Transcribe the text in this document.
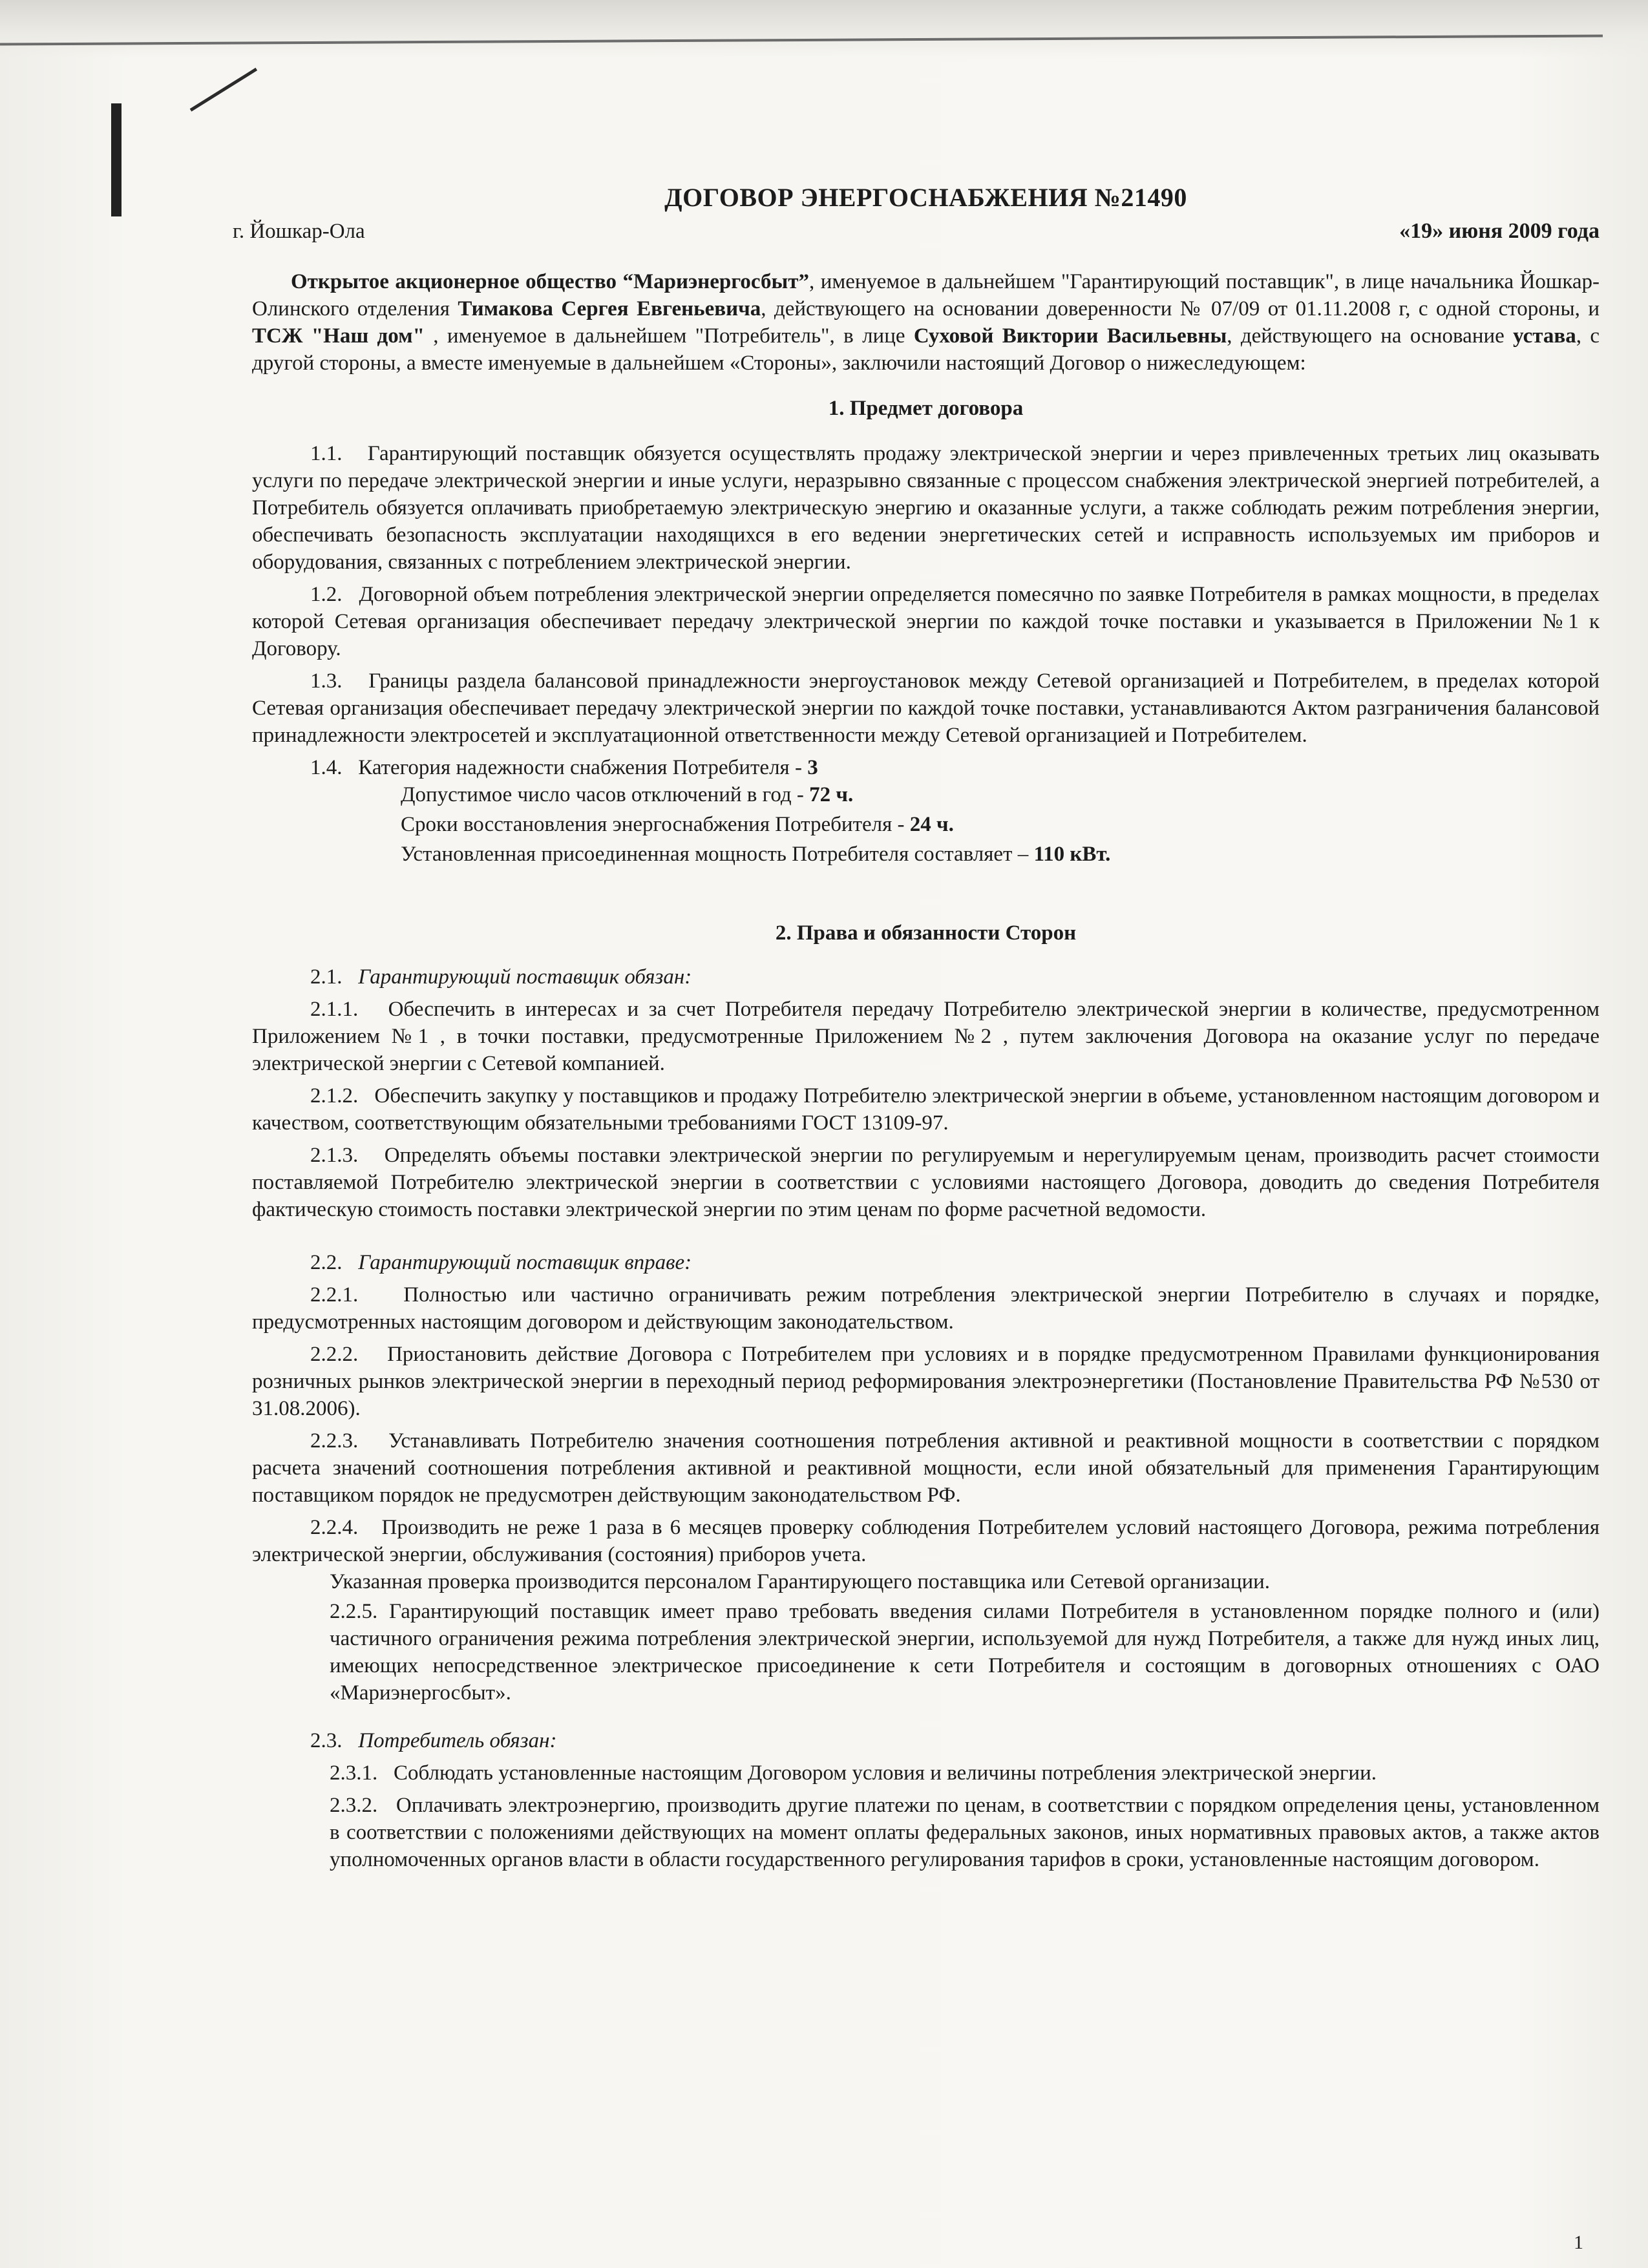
ДОГОВОР ЭНЕРГОСНАБЖЕНИЯ №21490
г. Йошкар-Ола	«19» июня 2009 года

Открытое акционерное общество “Мариэнергосбыт”, именуемое в дальнейшем "Гарантирующий поставщик", в лице начальника Йошкар-Олинского отделения Тимакова Сергея Евгеньевича, действующего на основании доверенности № 07/09 от 01.11.2008 г, с одной стороны, и ТСЖ "Наш дом" , именуемое в дальнейшем "Потребитель", в лице Суховой Виктории Васильевны, действующего на основание устава, с другой стороны, а вместе именуемые в дальнейшем «Стороны», заключили настоящий Договор о нижеследующем:

1. Предмет договора

1.1. Гарантирующий поставщик обязуется осуществлять продажу электрической энергии и через привлеченных третьих лиц оказывать услуги по передаче электрической энергии и иные услуги, неразрывно связанные с процессом снабжения электрической энергией потребителей, а Потребитель обязуется оплачивать приобретаемую электрическую энергию и оказанные услуги, а также соблюдать режим потребления энергии, обеспечивать безопасность эксплуатации находящихся в его ведении энергетических сетей и исправность используемых им приборов и оборудования, связанных с потреблением электрической энергии.

1.2. Договорной объем потребления электрической энергии определяется помесячно по заявке Потребителя в рамках мощности, в пределах которой Сетевая организация обеспечивает передачу электрической энергии по каждой точке поставки и указывается в Приложении №1 к Договору.

1.3. Границы раздела балансовой принадлежности энергоустановок между Сетевой организацией и Потребителем, в пределах которой Сетевая организация обеспечивает передачу электрической энергии по каждой точке поставки, устанавливаются Актом разграничения балансовой принадлежности электросетей и эксплуатационной ответственности между Сетевой организацией и Потребителем.

1.4. Категория надежности снабжения Потребителя - 3
Допустимое число часов отключений в год - 72 ч.
Сроки восстановления энергоснабжения Потребителя - 24 ч.
Установленная присоединенная мощность Потребителя составляет – 110 кВт.
2. Права и обязанности Сторон
2.1. Гарантирующий поставщик обязан:

2.1.1. Обеспечить в интересах и за счет Потребителя передачу Потребителю электрической энергии в количестве, предусмотренном Приложением №1 , в точки поставки, предусмотренные Приложением №2 , путем заключения Договора на оказание услуг по передаче электрической энергии с Сетевой компанией.

2.1.2. Обеспечить закупку у поставщиков и продажу Потребителю электрической энергии в объеме, установленном настоящим договором и качеством, соответствующим обязательными требованиями ГОСТ 13109-97.

2.1.3. Определять объемы поставки электрической энергии по регулируемым и нерегулируемым ценам, производить расчет стоимости поставляемой Потребителю электрической энергии в соответствии с условиями настоящего Договора, доводить до сведения Потребителя фактическую стоимость поставки электрической энергии по этим ценам по форме расчетной ведомости.

2.2. Гарантирующий поставщик вправе:

2.2.1. Полностью или частично ограничивать режим потребления электрической энергии Потребителю в случаях и порядке, предусмотренных настоящим договором и действующим законодательством.

2.2.2. Приостановить действие Договора с Потребителем при условиях и в порядке предусмотренном Правилами функционирования розничных рынков электрической энергии в переходный период реформирования электроэнергетики (Постановление Правительства РФ №530 от 31.08.2006).

2.2.3. Устанавливать Потребителю значения соотношения потребления активной и реактивной мощности в соответствии с порядком расчета значений соотношения потребления активной и реактивной мощности, если иной обязательный для применения Гарантирующим поставщиком порядок не предусмотрен действующим законодательством РФ.

2.2.4. Производить не реже 1 раза в 6 месяцев проверку соблюдения Потребителем условий настоящего Договора, режима потребления электрической энергии, обслуживания (состояния) приборов учета.

Указанная проверка производится персоналом Гарантирующего поставщика или Сетевой организации.

2.2.5. Гарантирующий поставщик имеет право требовать введения силами Потребителя в установленном порядке полного и (или) частичного ограничения режима потребления электрической энергии, используемой для нужд Потребителя, а также для нужд иных лиц, имеющих непосредственное электрическое присоединение к сети Потребителя и состоящим в договорных отношениях с ОАО «Мариэнергосбыт».

2.3. Потребитель обязан:

2.3.1. Соблюдать установленные настоящим Договором условия и величины потребления электрической энергии.

2.3.2. Оплачивать электроэнергию, производить другие платежи по ценам, в соответствии с порядком определения цены, установленном в соответствии с положениями действующих на момент оплаты федеральных законов, иных нормативных правовых актов, а также актов уполномоченных органов власти в области государственного регулирования тарифов в сроки, установленные настоящим договором.

1
